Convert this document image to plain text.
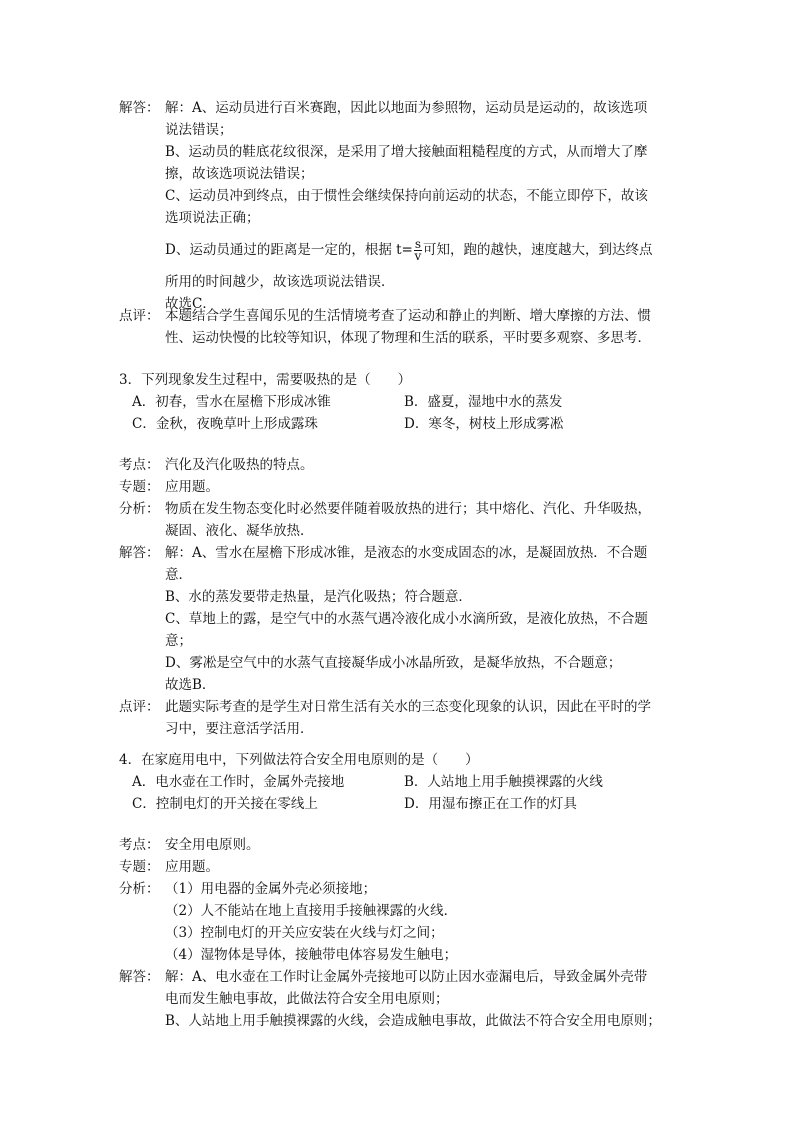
解答： 解：A、运动员进行百米赛跑，因此以地面为参照物，运动员是运动的，故该选项
说法错误；
B、运动员的鞋底花纹很深，是采用了增大接触面粗糙程度的方式，从而增大了摩
擦，故该选项说法错误；
C、运动员冲到终点，由于惯性会继续保持向前运动的状态，不能立即停下，故该
选项说法正确；
D、运动员通过的距离是一定的，根据 $t= \frac{s}{v}$ 可知，跑的越快，速度越大，到达终点
所用的时间越少，故该选项说法错误．
故选C．
点评： 本题结合学生喜闻乐见的生活情境考查了运动和静止的判断、增大摩擦的方法、惯
性、运动快慢的比较等知识，体现了物理和生活的联系，平时要多观察、多思考．
3．下列现象发生过程中，需要吸热的是（　　）
A．初春，雪水在屋檐下形成冰锥	B．盛夏，湿地中水的蒸发
C．金秋，夜晚草叶上形成露珠	D．寒冬，树枝上形成雾凇
考点： 汽化及汽化吸热的特点。
专题： 应用题。
分析： 物质在发生物态变化时必然要伴随着吸放热的进行；其中熔化、汽化、升华吸热，
凝固、液化、凝华放热．
解答： 解：A、雪水在屋檐下形成冰锥，是液态的水变成固态的冰，是凝固放热．不合题
意．
B、水的蒸发要带走热量，是汽化吸热；符合题意．
C、草地上的露，是空气中的水蒸气遇冷液化成小水滴所致，是液化放热，不合题
意；
D、雾凇是空气中的水蒸气直接凝华成小冰晶所致，是凝华放热，不合题意；
故选B．
点评： 此题实际考查的是学生对日常生活有关水的三态变化现象的认识，因此在平时的学
习中，要注意活学活用．
4．在家庭用电中，下列做法符合安全用电原则的是（　　）
A．电水壶在工作时，金属外壳接地	B．人站地上用手触摸裸露的火线
C．控制电灯的开关接在零线上	D．用湿布擦正在工作的灯具
考点： 安全用电原则。
专题： 应用题。
分析： （1）用电器的金属外壳必须接地；
（2）人不能站在地上直接用手接触裸露的火线．
（3）控制电灯的开关应安装在火线与灯之间；
（4）湿物体是导体，接触带电体容易发生触电；
解答： 解：A、电水壶在工作时让金属外壳接地可以防止因水壶漏电后，导致金属外壳带
电而发生触电事故，此做法符合安全用电原则；
B、人站地上用手触摸裸露的火线，会造成触电事故，此做法不符合安全用电原则；
